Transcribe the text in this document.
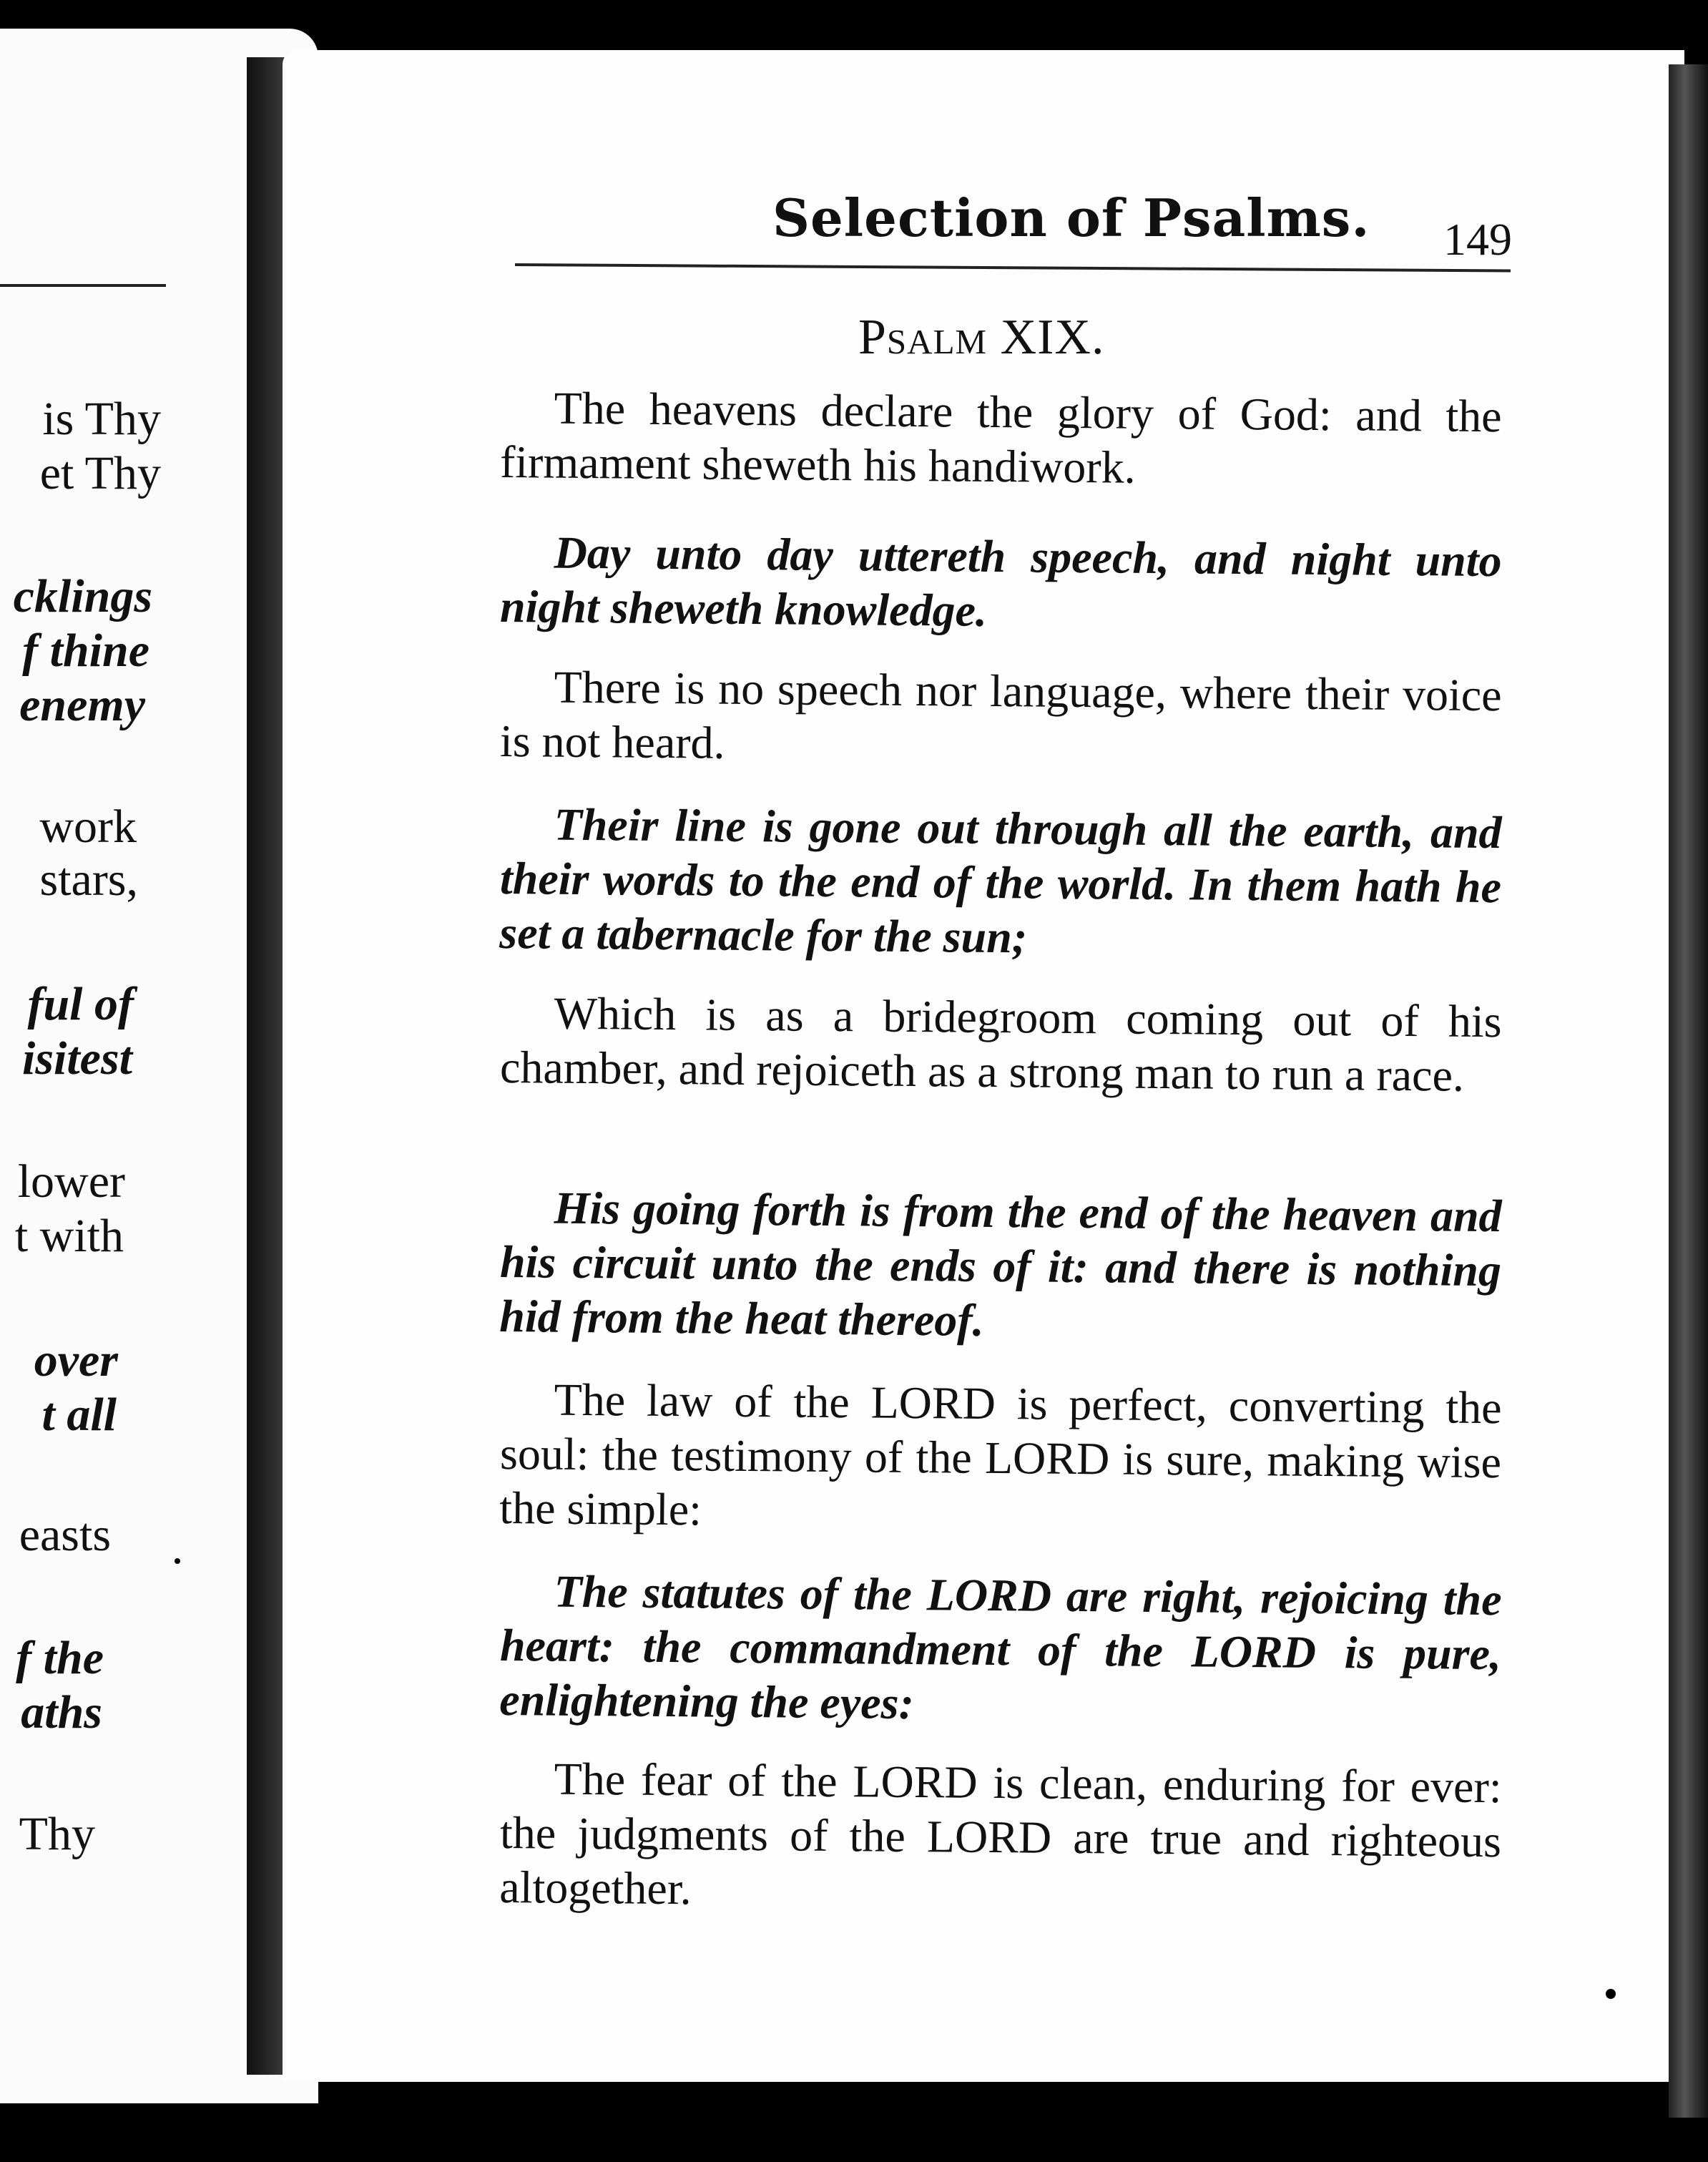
is Thy
et Thy
cklings
f thine
enemy
work
stars,
ful of
isitest
lower
t with
over
t all
easts
f the
aths
Thy
Selection of Psalms. 149
Psalm XIX.
The heavens declare the glory of God: and the firmament sheweth his handiwork.
Day unto day uttereth speech, and night unto night sheweth knowledge.
There is no speech nor language, where their voice is not heard.
Their line is gone out through all the earth, and their words to the end of the world. In them hath he set a tabernacle for the sun;
Which is as a bridegroom coming out of his chamber, and rejoiceth as a strong man to run a race.
His going forth is from the end of the heaven and his circuit unto the ends of it: and there is nothing hid from the heat thereof.
The law of the LORD is perfect, converting the soul: the testimony of the LORD is sure, making wise the simple:
The statutes of the LORD are right, rejoicing the heart: the commandment of the LORD is pure, enlightening the eyes:
The fear of the LORD is clean, enduring for ever: the judgments of the LORD are true and righteous altogether.
